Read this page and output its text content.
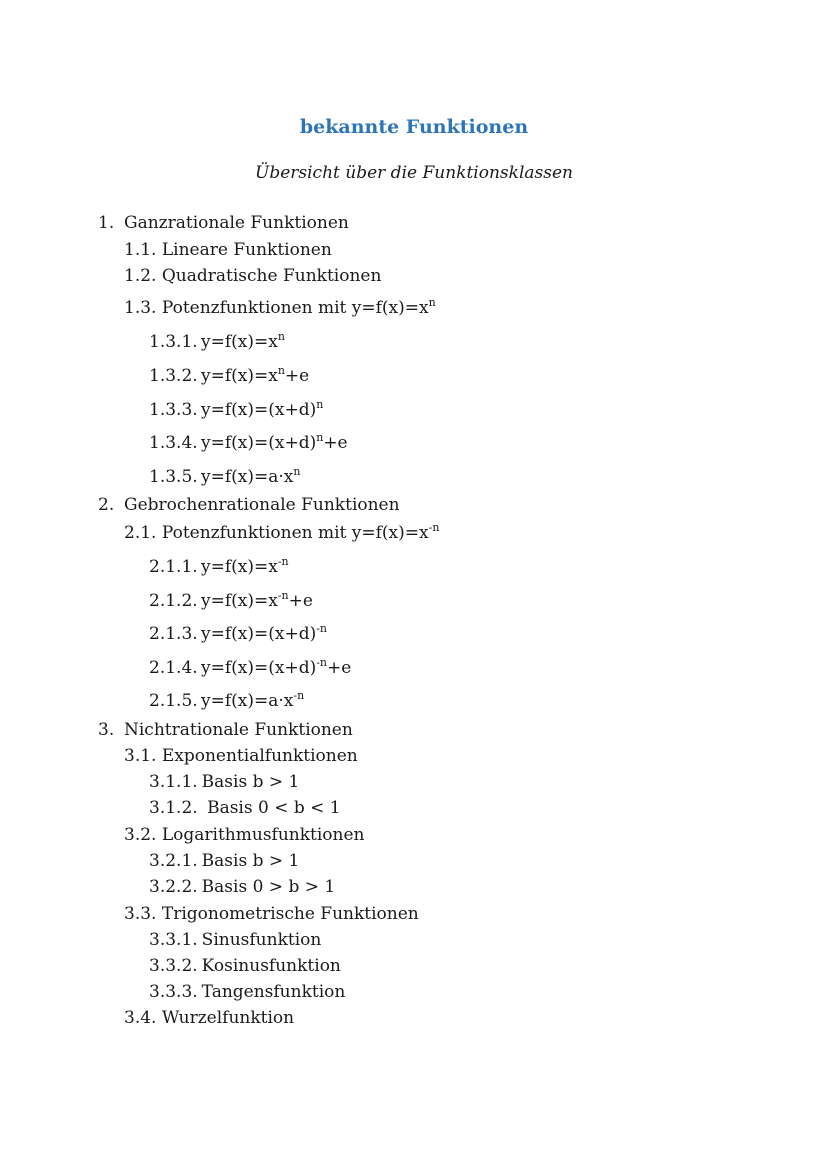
bekannte Funktionen
Übersicht über die Funktionsklassen
1. Ganzrationale Funktionen
1.1. Lineare Funktionen
1.2. Quadratische Funktionen
1.3. Potenzfunktionen mit $y=f(x)=x^n$
1.3.1. $y=f(x)=x^n$
1.3.2. $y=f(x)=x^n+e$
1.3.3. $y=f(x)=(x+d)^n$
1.3.4. $y=f(x)=(x+d)^n+e$
1.3.5. $y=f(x)=a\cdot x^n$
2. Gebrochenrationale Funktionen
2.1. Potenzfunktionen mit $y=f(x)=x^{-n}$
2.1.1. $y=f(x)=x^{-n}$
2.1.2. $y=f(x)=x^{-n}+e$
2.1.3. $y=f(x)=(x+d)^{-n}$
2.1.4. $y=f(x)=(x+d)^{-n}+e$
2.1.5. $y=f(x)=a\cdot x^{-n}$
3. Nichtrationale Funktionen
3.1. Exponentialfunktionen
3.1.1. Basis b > 1
3.1.2. Basis 0 < b < 1
3.2. Logarithmusfunktionen
3.2.1. Basis b > 1
3.2.2. Basis 0 > b > 1
3.3. Trigonometrische Funktionen
3.3.1. Sinusfunktion
3.3.2. Kosinusfunktion
3.3.3. Tangensfunktion
3.4. Wurzelfunktion
